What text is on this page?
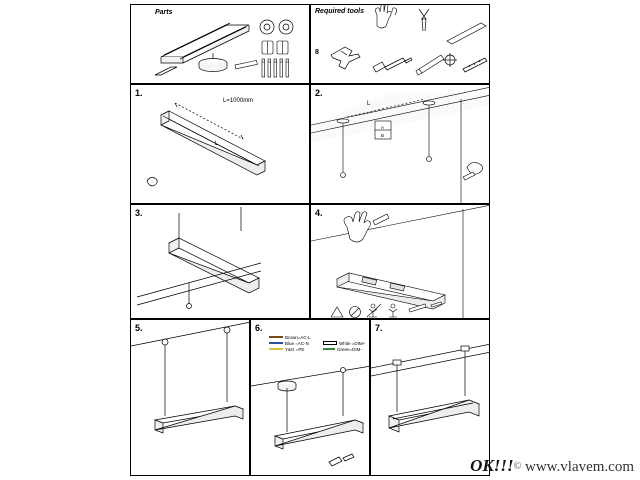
Parts	Required tools
8
1.
L=1000mm
L
2.
L
A
B
3.	4.
5.	6.
Brown=AC-L
Blue =AC-N
Y&G =PE
White =DIM+
Green=DIM-
7.
OK!!!© www.vlavem.com
